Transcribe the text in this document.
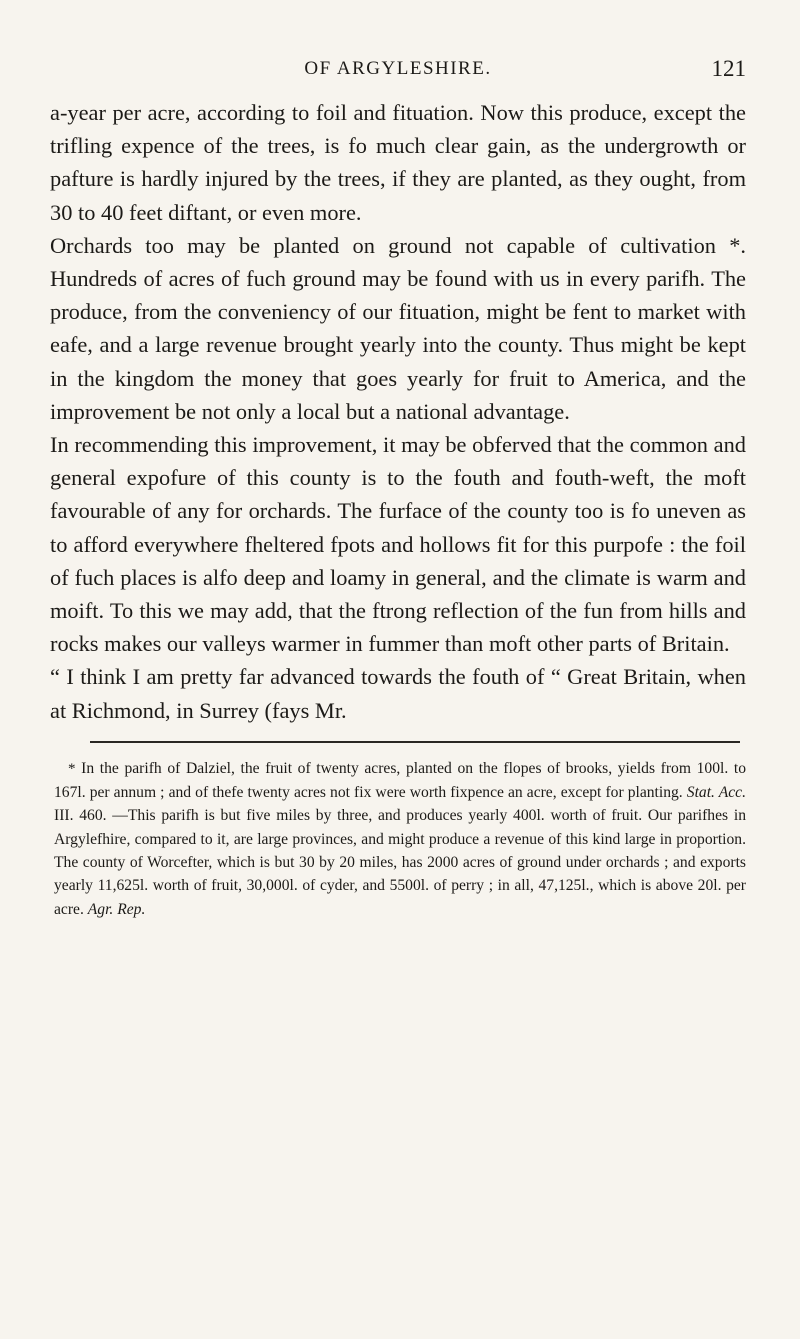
OF ARGYLESHIRE.	121

a-year per acre, according to foil and fituation. Now this produce, except the trifling expence of the trees, is fo much clear gain, as the undergrowth or pafture is hardly injured by the trees, if they are planted, as they ought, from 30 to 40 feet diftant, or even more.

Orchards too may be planted on ground not capable of cultivation *. Hundreds of acres of fuch ground may be found with us in every parifh. The produce, from the conveniency of our fituation, might be fent to market with eafe, and a large revenue brought yearly into the county. Thus might be kept in the kingdom the money that goes yearly for fruit to America, and the improvement be not only a local but a national advantage.

In recommending this improvement, it may be obferved that the common and general expofure of this county is to the fouth and fouth-weft, the moft favourable of any for orchards. The furface of the county too is fo uneven as to afford everywhere fheltered fpots and hollows fit for this purpofe : the foil of fuch places is alfo deep and loamy in general, and the climate is warm and moift. To this we may add, that the ftrong reflection of the fun from hills and rocks makes our valleys warmer in fummer than moft other parts of Britain.

“ I think I am pretty far advanced towards the fouth of “ Great Britain, when at Richmond, in Surrey (fays Mr.

* In the parifh of Dalziel, the fruit of twenty acres, planted on the flopes of brooks, yields from 100l. to 167l. per annum ; and of thefe twenty acres not fix were worth fixpence an acre, except for planting. Stat. Acc. III. 460. —This parifh is but five miles by three, and produces yearly 400l. worth of fruit. Our parifhes in Argylefhire, compared to it, are large provinces, and might produce a revenue of this kind large in proportion. The county of Worcefter, which is but 30 by 20 miles, has 2000 acres of ground under orchards ; and exports yearly 11,625l. worth of fruit, 30,000l. of cyder, and 5500l. of perry ; in all, 47,125l., which is above 20l. per acre. Agr. Rep.
